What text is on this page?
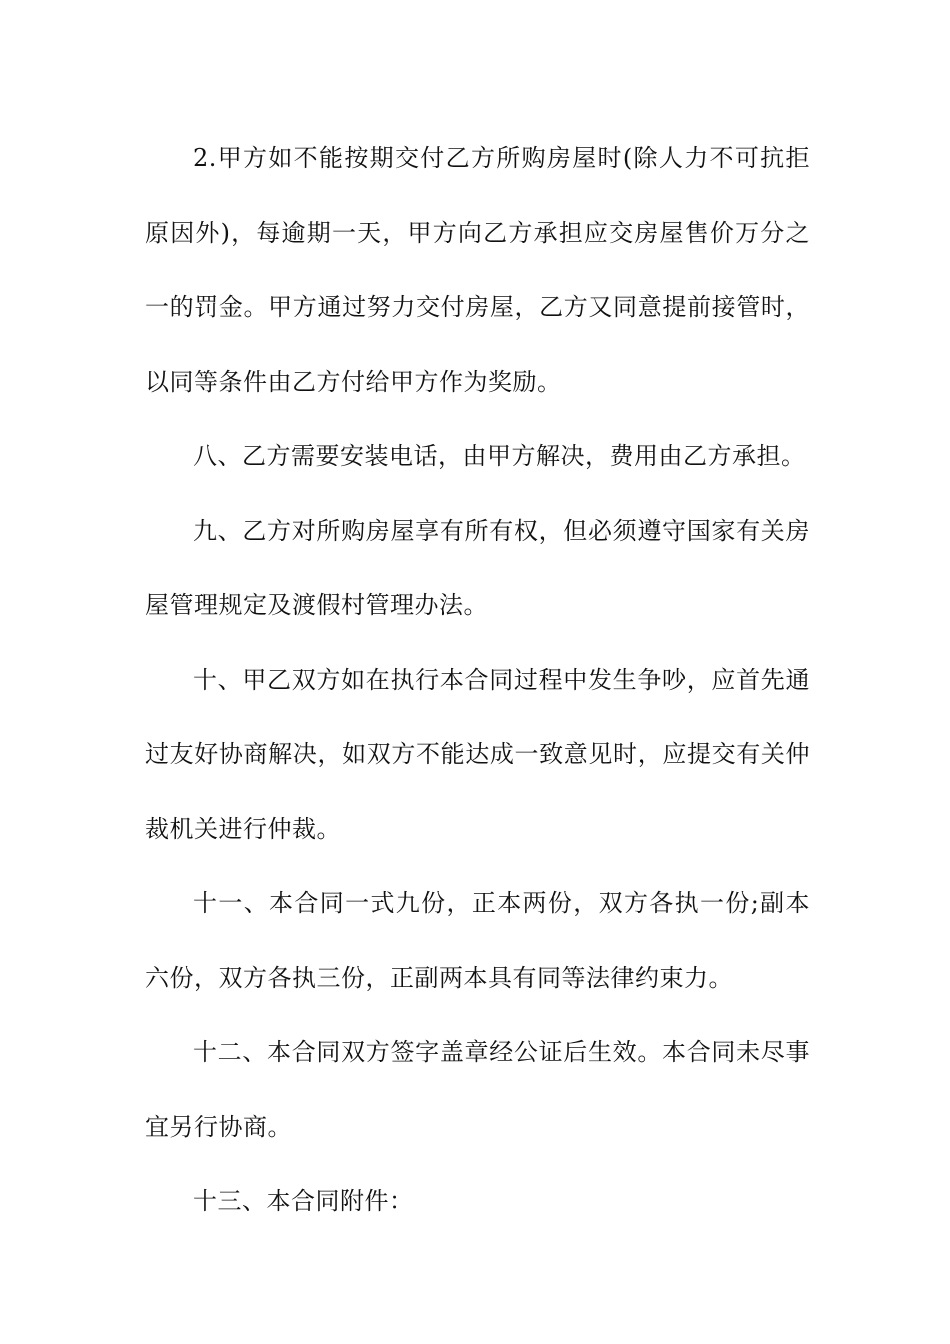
2.甲方如不能按期交付乙方所购房屋时(除人力不可抗拒原因外)，每逾期一天，甲方向乙方承担应交房屋售价万分之一的罚金。甲方通过努力交付房屋，乙方又同意提前接管时，以同等条件由乙方付给甲方作为奖励。

八、乙方需要安装电话，由甲方解决，费用由乙方承担。

九、乙方对所购房屋享有所有权，但必须遵守国家有关房屋管理规定及渡假村管理办法。

十、甲乙双方如在执行本合同过程中发生争吵，应首先通过友好协商解决，如双方不能达成一致意见时，应提交有关仲裁机关进行仲裁。

十一、本合同一式九份，正本两份，双方各执一份;副本六份，双方各执三份，正副两本具有同等法律约束力。

十二、本合同双方签字盖章经公证后生效。本合同未尽事宜另行协商。

十三、本合同附件：
